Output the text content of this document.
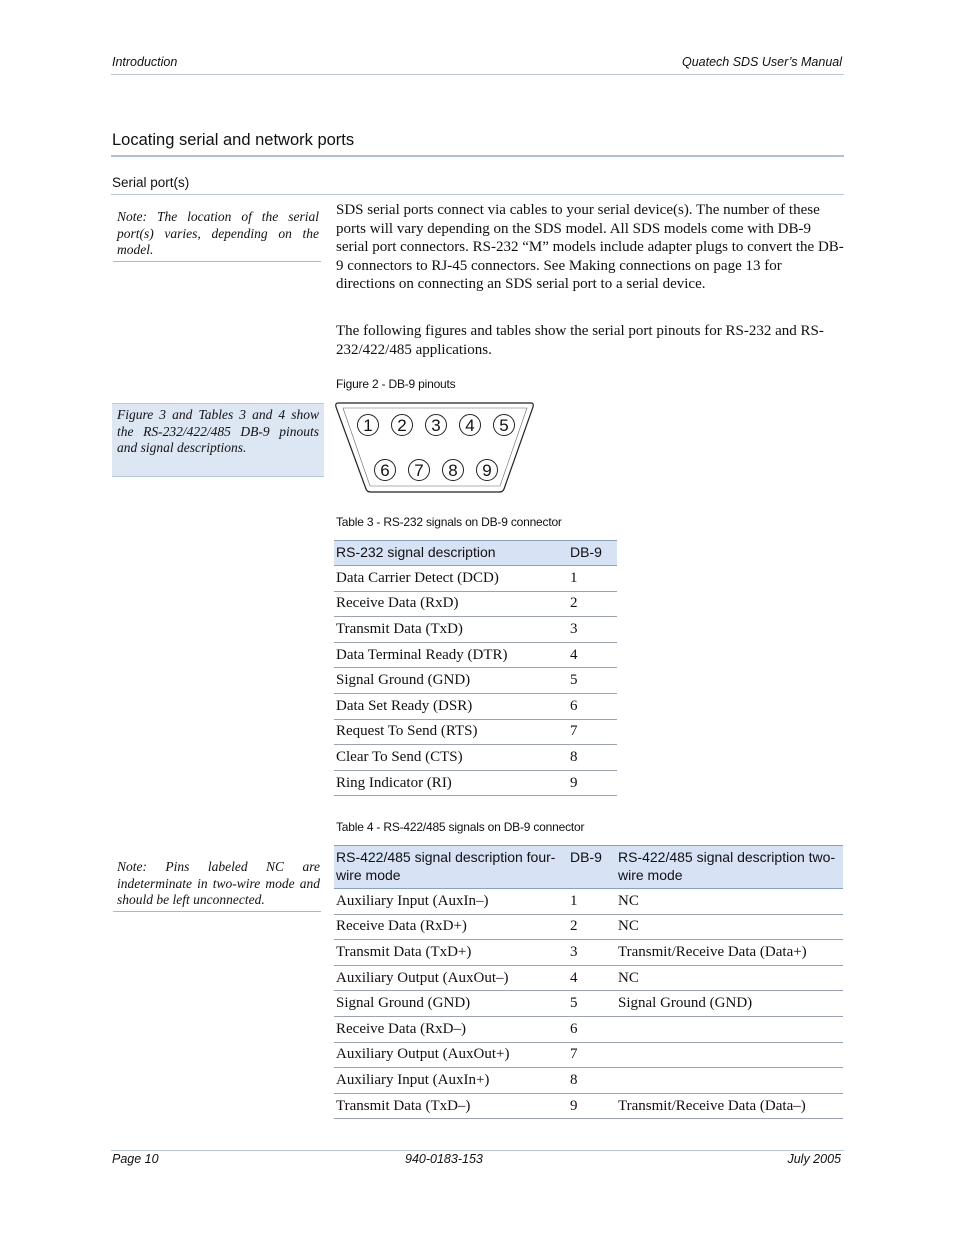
Introduction	Quatech SDS User’s Manual
Locating serial and network ports
Serial port(s)
Note: The location of the serial port(s) varies, depending on the model.
Figure 3 and Tables 3 and 4 show the RS-232/422/485 DB-9 pinouts and signal descriptions.
Note: Pins labeled NC are indeterminate in two-wire mode and should be left unconnected.
SDS serial ports connect via cables to your serial device(s). The number of these ports will vary depending on the SDS model. All SDS models come with DB-9 serial port connectors. RS-232 “M” models include adapter plugs to convert the DB-9 connectors to RJ-45 connectors. See Making connections on page 13 for directions on connecting an SDS serial port to a serial device.
The following figures and tables show the serial port pinouts for RS-232 and RS-232/422/485 applications.
Figure 2 - DB-9 pinouts
1 2 3 4 5
6 7 8 9
Table 3 - RS-232 signals on DB-9 connector
RS-232 signal description	DB-9
Data Carrier Detect (DCD)	1
Receive Data (RxD)	2
Transmit Data (TxD)	3
Data Terminal Ready (DTR)	4
Signal Ground (GND)	5
Data Set Ready (DSR)	6
Request To Send (RTS)	7
Clear To Send (CTS)	8
Ring Indicator (RI)	9
Table 4 - RS-422/485 signals on DB-9 connector
RS-422/485 signal description four-wire mode	DB-9	RS-422/485 signal description two-wire mode
Auxiliary Input (AuxIn–)	1	NC
Receive Data (RxD+)	2	NC
Transmit Data (TxD+)	3	Transmit/Receive Data (Data+)
Auxiliary Output (AuxOut–)	4	NC
Signal Ground (GND)	5	Signal Ground (GND)
Receive Data (RxD–)	6	
Auxiliary Output (AuxOut+)	7	
Auxiliary Input (AuxIn+)	8	
Transmit Data (TxD–)	9	Transmit/Receive Data (Data–)
Page 10	940-0183-153	July 2005
